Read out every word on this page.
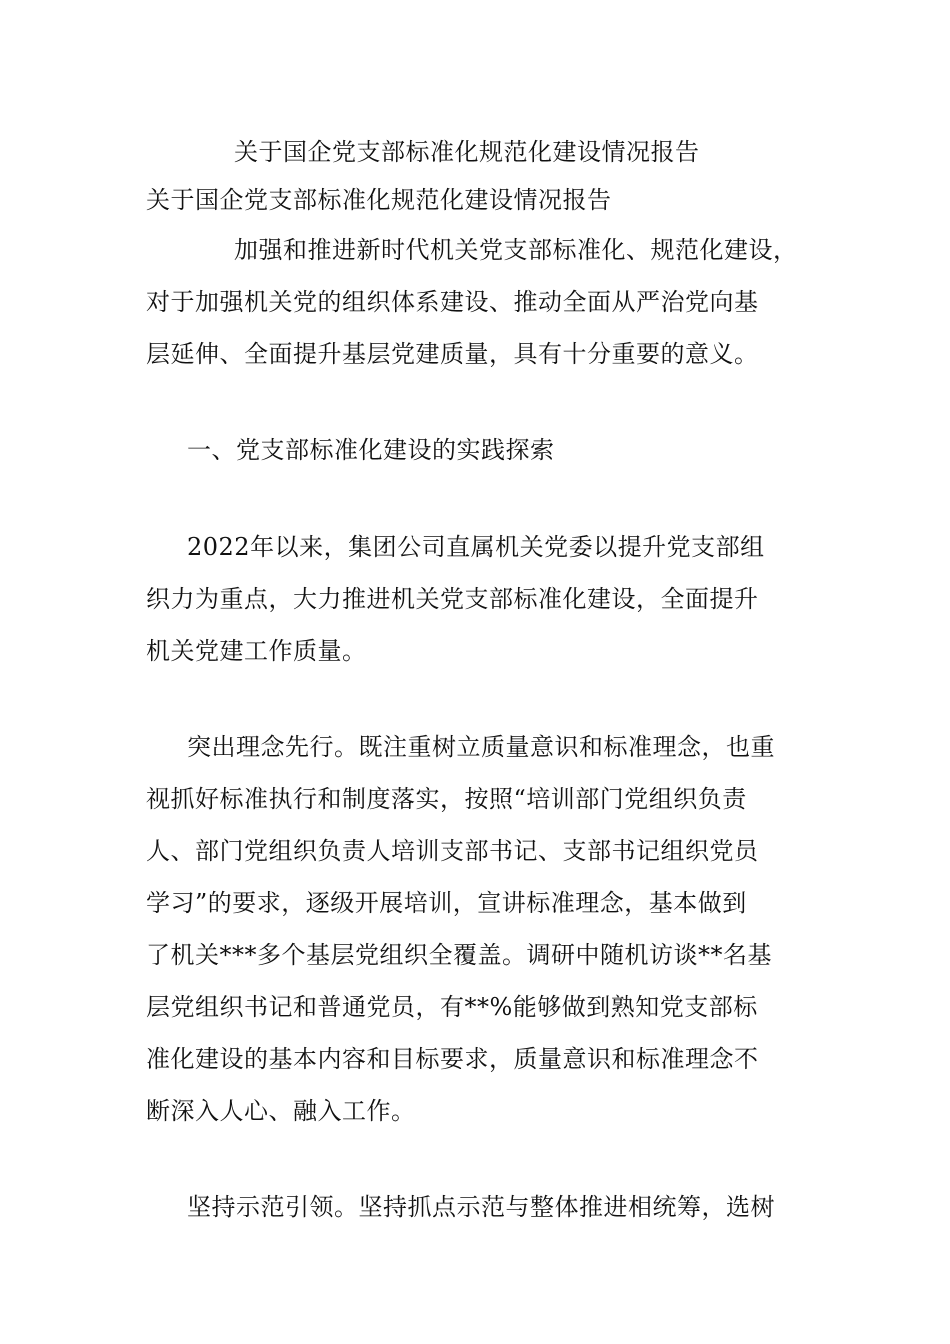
关于国企党支部标准化规范化建设情况报告
关于国企党支部标准化规范化建设情况报告
加强和推进新时代机关党支部标准化、规范化建设，
对于加强机关党的组织体系建设、推动全面从严治党向基
层延伸、全面提升基层党建质量，具有十分重要的意义。
一、党支部标准化建设的实践探索
2022年以来，集团公司直属机关党委以提升党支部组
织力为重点，大力推进机关党支部标准化建设，全面提升
机关党建工作质量。
突出理念先行。既注重树立质量意识和标准理念，也重
视抓好标准执行和制度落实，按照“培训部门党组织负责
人、部门党组织负责人培训支部书记、支部书记组织党员
学习”的要求，逐级开展培训，宣讲标准理念，基本做到
了机关***多个基层党组织全覆盖。调研中随机访谈**名基
层党组织书记和普通党员，有**%能够做到熟知党支部标
准化建设的基本内容和目标要求，质量意识和标准理念不
断深入人心、融入工作。
坚持示范引领。坚持抓点示范与整体推进相统筹，选树
